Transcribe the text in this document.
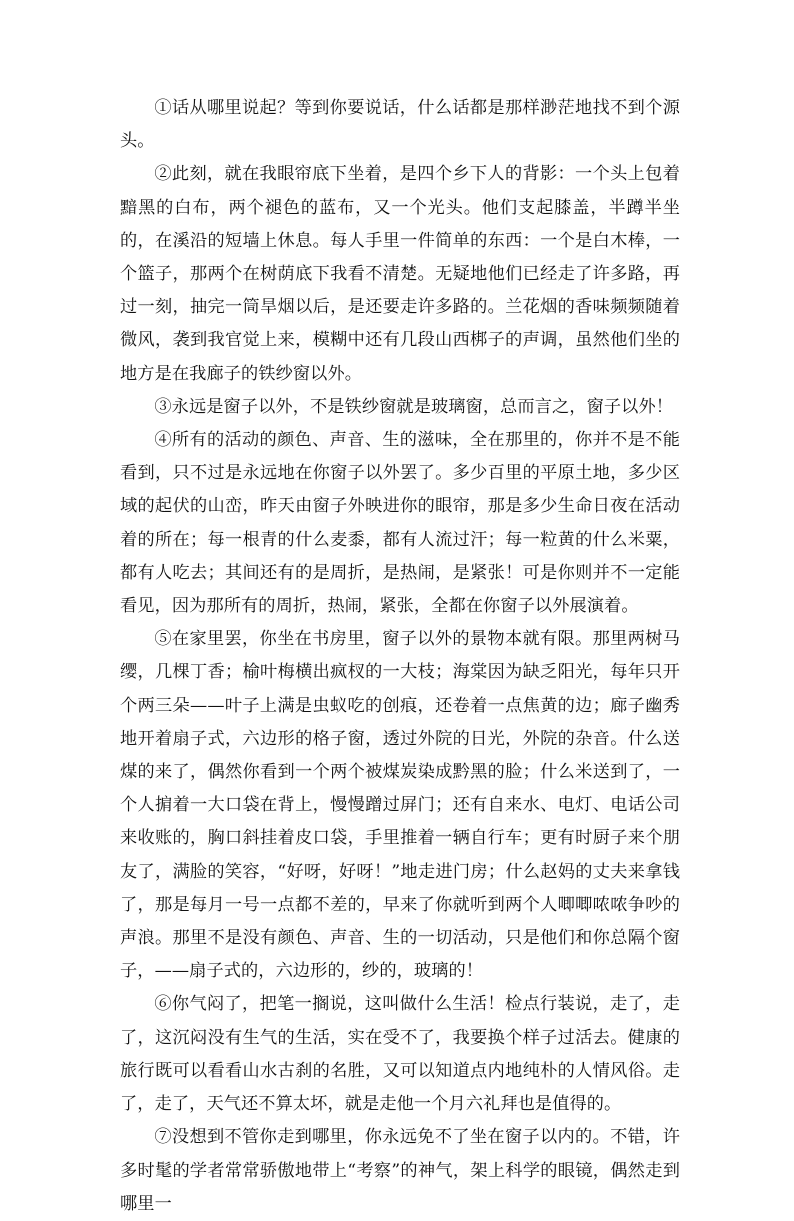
①话从哪里说起？等到你要说话，什么话都是那样渺茫地找不到个源头。

②此刻，就在我眼帘底下坐着，是四个乡下人的背影：一个头上包着黯黑的白布，两个褪色的蓝布，又一个光头。他们支起膝盖，半蹲半坐的，在溪沿的短墙上休息。每人手里一件简单的东西：一个是白木棒，一个篮子，那两个在树荫底下我看不清楚。无疑地他们已经走了许多路，再过一刻，抽完一筒旱烟以后，是还要走许多路的。兰花烟的香味频频随着微风，袭到我官觉上来，模糊中还有几段山西梆子的声调，虽然他们坐的地方是在我廊子的铁纱窗以外。

③永远是窗子以外，不是铁纱窗就是玻璃窗，总而言之，窗子以外！

④所有的活动的颜色、声音、生的滋味，全在那里的，你并不是不能看到，只不过是永远地在你窗子以外罢了。多少百里的平原土地，多少区域的起伏的山峦，昨天由窗子外映进你的眼帘，那是多少生命日夜在活动着的所在；每一根青的什么麦黍，都有人流过汗；每一粒黄的什么米粟，都有人吃去；其间还有的是周折，是热闹，是紧张！可是你则并不一定能看见，因为那所有的周折，热闹，紧张，全都在你窗子以外展演着。

⑤在家里罢，你坐在书房里，窗子以外的景物本就有限。那里两树马缨，几棵丁香；榆叶梅横出疯杈的一大枝；海棠因为缺乏阳光，每年只开个两三朵——叶子上满是虫蚁吃的创痕，还卷着一点焦黄的边；廊子幽秀地开着扇子式，六边形的格子窗，透过外院的日光，外院的杂音。什么送煤的来了，偶然你看到一个两个被煤炭染成黔黑的脸；什么米送到了，一个人掮着一大口袋在背上，慢慢蹭过屏门；还有自来水、电灯、电话公司来收账的，胸口斜挂着皮口袋，手里推着一辆自行车；更有时厨子来个朋友了，满脸的笑容，“好呀，好呀！”地走进门房；什么赵妈的丈夫来拿钱了，那是每月一号一点都不差的，早来了你就听到两个人唧唧哝哝争吵的声浪。那里不是没有颜色、声音、生的一切活动，只是他们和你总隔个窗子，——扇子式的，六边形的，纱的，玻璃的！

⑥你气闷了，把笔一搁说，这叫做什么生活！检点行装说，走了，走了，这沉闷没有生气的生活，实在受不了，我要换个样子过活去。健康的旅行既可以看看山水古刹的名胜，又可以知道点内地纯朴的人情风俗。走了，走了，天气还不算太坏，就是走他一个月六礼拜也是值得的。

⑦没想到不管你走到哪里，你永远免不了坐在窗子以内的。不错，许多时髦的学者常常骄傲地带上“考察”的神气，架上科学的眼镜，偶然走到哪里一
